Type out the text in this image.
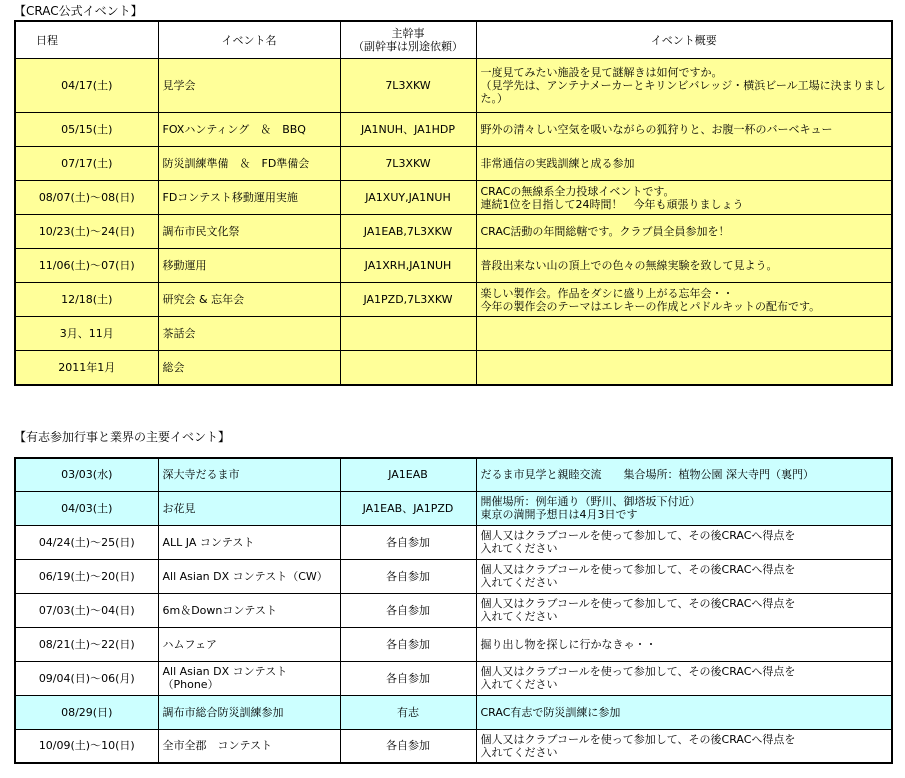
【CRAC公式イベント】
日程	イベント名	主幹事
（副幹事は別途依頼）	イベント概要

04/17(土)	見学会	7L3XKW	一度見てみたい施設を見て謎解きは如何ですか。
（見学先は、アンテナメーカーとキリンビバレッジ・横浜ビール工場に決まりました。）

05/15(土)	FOXハンティング　＆　BBQ	JA1NUH、JA1HDP	野外の清々しい空気を吸いながらの狐狩りと、お腹一杯のバーベキュー

07/17(土)	防災訓練準備　＆　FD準備会	7L3XKW	非常通信の実践訓練と成る参加

08/07(土)～08(日)	FDコンテスト移動運用実施	JA1XUY,JA1NUH	CRACの無線系全力投球イベントです。
連続1位を目指して24時間！　今年も頑張りましょう

10/23(土)～24(日)	調布市民文化祭	JA1EAB,7L3XKW	CRAC活動の年間総轄です。クラブ員全員参加を！

11/06(土)～07(日)	移動運用	JA1XRH,JA1NUH	普段出来ない山の頂上での色々の無線実験を致して見よう。

12/18(土)	研究会 & 忘年会	JA1PZD,7L3XKW	楽しい製作会。作品をダシに盛り上がる忘年会・・
今年の製作会のテーマはエレキーの作成とパドルキットの配布です。

3月、11月	茶話会		

2011年1月	総会		

【有志参加行事と業界の主要イベント】
03/03(水)	深大寺だるま市	JA1EAB	だるま市見学と親睦交流　　集合場所：植物公園 深大寺門（裏門）

04/03(土)	お花見	JA1EAB、JA1PZD	開催場所：例年通り（野川、御塔坂下付近）
東京の満開予想日は4月3日です

04/24(土)～25(日)	ALL JA コンテスト	各自参加	個人又はクラブコールを使って参加して、その後CRACへ得点を
入れてください

06/19(土)～20(日)	All Asian DX コンテスト（CW）	各自参加	個人又はクラブコールを使って参加して、その後CRACへ得点を
入れてください

07/03(土)～04(日)	6m＆Downコンテスト	各自参加	個人又はクラブコールを使って参加して、その後CRACへ得点を
入れてください

08/21(土)～22(日)	ハムフェア	各自参加	掘り出し物を探しに行かなきゃ・・

09/04(日)～06(月)	All Asian DX コンテスト（Phone）	各自参加	個人又はクラブコールを使って参加して、その後CRACへ得点を
入れてください

08/29(日)	調布市総合防災訓練参加	有志	CRAC有志で防災訓練に参加

10/09(土)～10(日)	全市全郡　コンテスト	各自参加	個人又はクラブコールを使って参加して、その後CRACへ得点を
入れてください
